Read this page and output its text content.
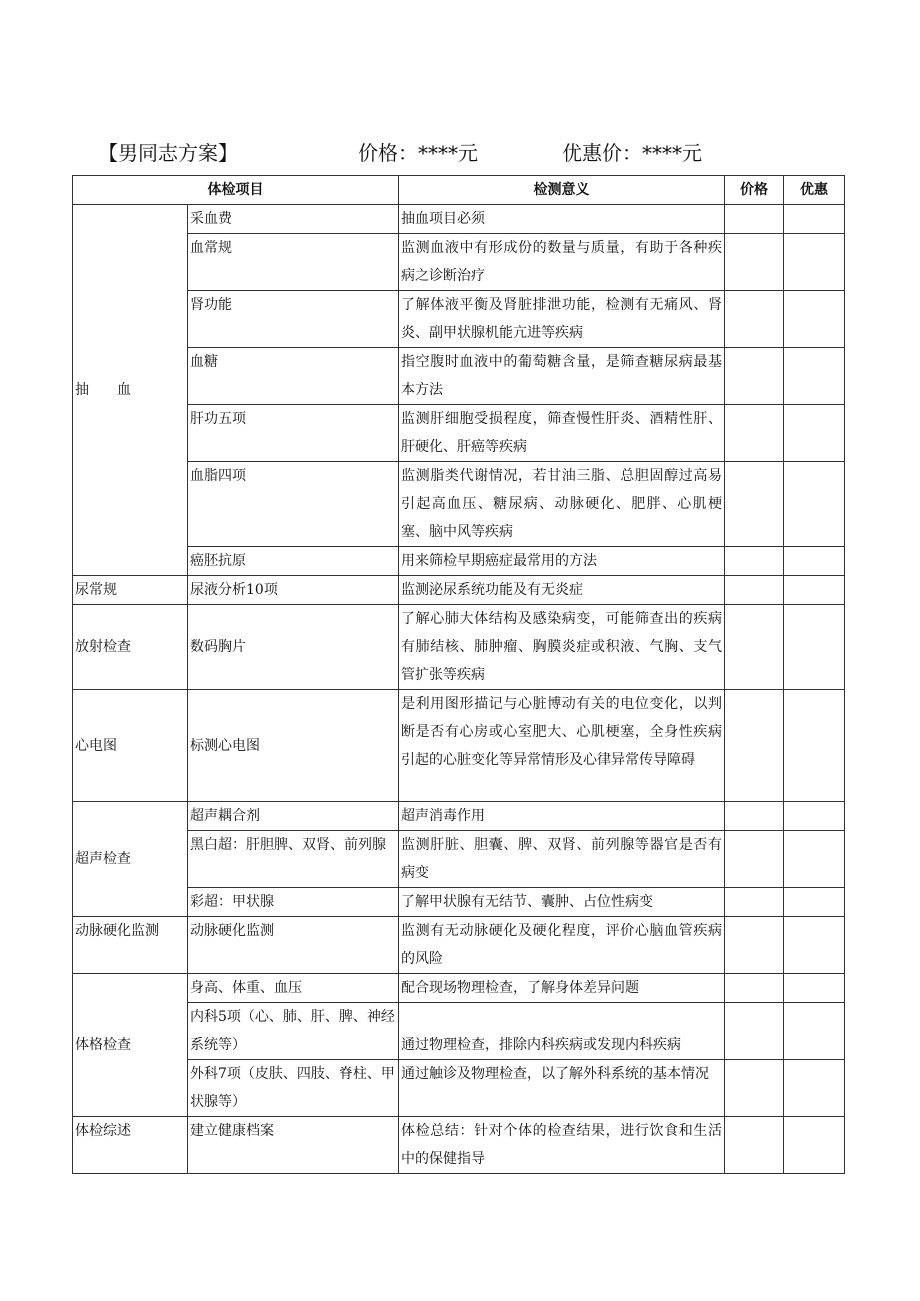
【男同志方案】	价格：****元	优惠价：****元
体检项目		检测意义	价格	优惠
抽　　血	采血费	抽血项目必须		
	血常规	监测血液中有形成份的数量与质量，有助于各种疾病之诊断治疗		
	肾功能	了解体液平衡及肾脏排泄功能，检测有无痛风、肾炎、副甲状腺机能亢进等疾病		
	血糖	指空腹时血液中的葡萄糖含量，是筛查糖尿病最基本方法		
	肝功五项	监测肝细胞受损程度，筛查慢性肝炎、酒精性肝、肝硬化、肝癌等疾病		
	血脂四项	监测脂类代谢情况，若甘油三脂、总胆固醇过高易引起高血压、糖尿病、动脉硬化、肥胖、心肌梗塞、脑中风等疾病		
	癌胚抗原	用来筛检早期癌症最常用的方法		
尿常规	尿液分析10项	监测泌尿系统功能及有无炎症		
放射检查	数码胸片	了解心肺大体结构及感染病变，可能筛查出的疾病有肺结核、肺肿瘤、胸膜炎症或积液、气胸、支气管扩张等疾病		
心电图	标测心电图	是利用图形描记与心脏博动有关的电位变化，以判断是否有心房或心室肥大、心肌梗塞，全身性疾病引起的心脏变化等异常情形及心律异常传导障碍		
超声检查	超声耦合剂	超声消毒作用		
	黑白超：肝胆脾、双肾、前列腺	监测肝脏、胆囊、脾、双肾、前列腺等器官是否有病变		
	彩超：甲状腺	了解甲状腺有无结节、囊肿、占位性病变		
动脉硬化监测	动脉硬化监测	监测有无动脉硬化及硬化程度，评价心脑血管疾病的风险		
体格检查	身高、体重、血压	配合现场物理检查，了解身体差异问题		
	内科5项（心、肺、肝、脾、神经系统等）	通过物理检查，排除内科疾病或发现内科疾病		
	外科7项（皮肤、四肢、脊柱、甲状腺等）	通过触诊及物理检查，以了解外科系统的基本情况		
体检综述	建立健康档案	体检总结：针对个体的检查结果，进行饮食和生活中的保健指导		
